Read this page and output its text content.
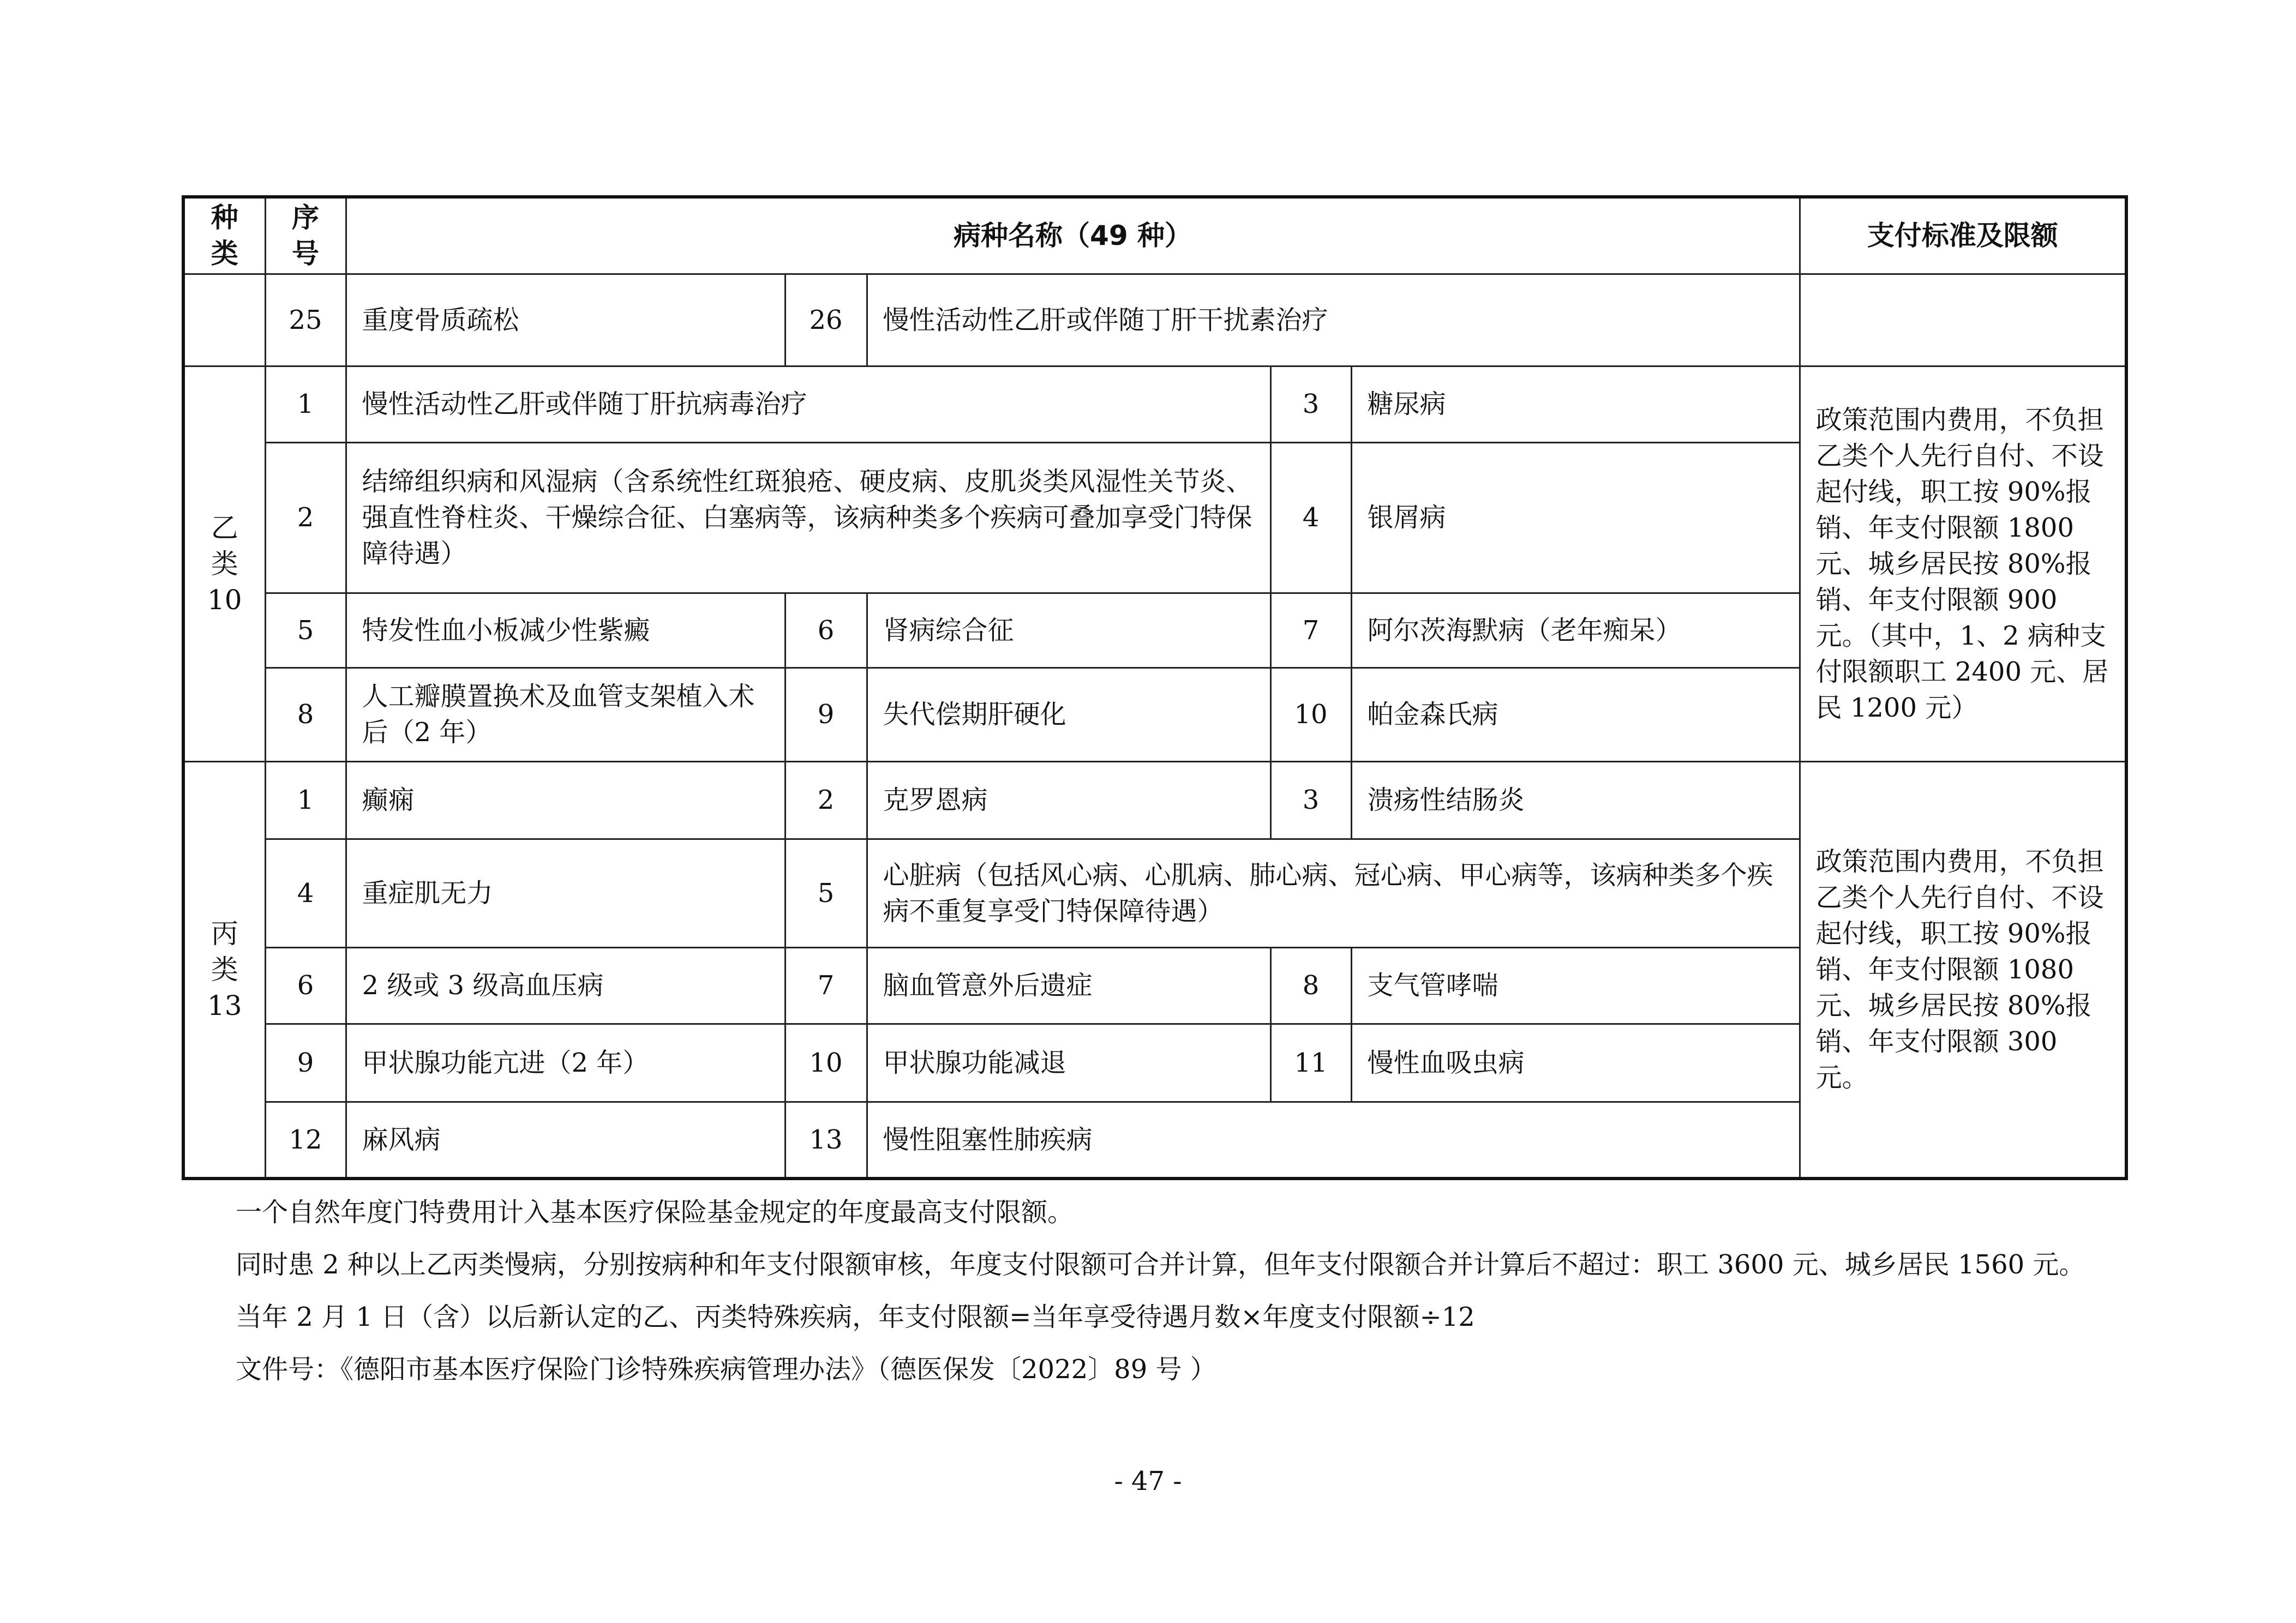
种类	序号	病种名称（49 种）					支付标准及限额
	25	重度骨质疏松	26	慢性活动性乙肝或伴随丁肝干扰素治疗			

乙
类
10	1	慢性活动性乙肝或伴随丁肝抗病毒治疗			3	糖尿病	政策范围内费用，不负担乙类个人先行自付、不设起付线，职工按 90%报销、年支付限额 1800 元、城乡居民按 80%报销、年支付限额 900 元。（其中，1、2 病种支付限额职工 2400 元、居民 1200 元）
	2	结缔组织病和风湿病（含系统性红斑狼疮、硬皮病、皮肌炎类风湿性关节炎、强直性脊柱炎、干燥综合征、白塞病等，该病种类多个疾病可叠加享受门特保障待遇）			4	银屑病	
	5	特发性血小板减少性紫癜	6	肾病综合征	7	阿尔茨海默病（老年痴呆）	
	8	人工瓣膜置换术及血管支架植入术后（2 年）	9	失代偿期肝硬化	10	帕金森氏病	

丙
类
13	1	癫痫	2	克罗恩病	3	溃疡性结肠炎	政策范围内费用，不负担乙类个人先行自付、不设起付线，职工按 90%报销、年支付限额 1080 元、城乡居民按 80%报销、年支付限额 300 元。
	4	重症肌无力	5	心脏病（包括风心病、心肌病、肺心病、冠心病、甲心病等，该病种类多个疾病不重复享受门特保障待遇）			
	6	2 级或 3 级高血压病	7	脑血管意外后遗症	8	支气管哮喘	
	9	甲状腺功能亢进（2 年）	10	甲状腺功能减退	11	慢性血吸虫病	
	12	麻风病	13	慢性阻塞性肺疾病			

一个自然年度门特费用计入基本医疗保险基金规定的年度最高支付限额。

同时患 2 种以上乙丙类慢病，分别按病种和年支付限额审核，年度支付限额可合并计算，但年支付限额合并计算后不超过：职工 3600 元、城乡居民 1560 元。

当年 2 月 1 日（含）以后新认定的乙、丙类特殊疾病，年支付限额=当年享受待遇月数×年度支付限额÷12

文件号：《德阳市基本医疗保险门诊特殊疾病管理办法》（德医保发〔2022〕89 号 ）

- 47 -
